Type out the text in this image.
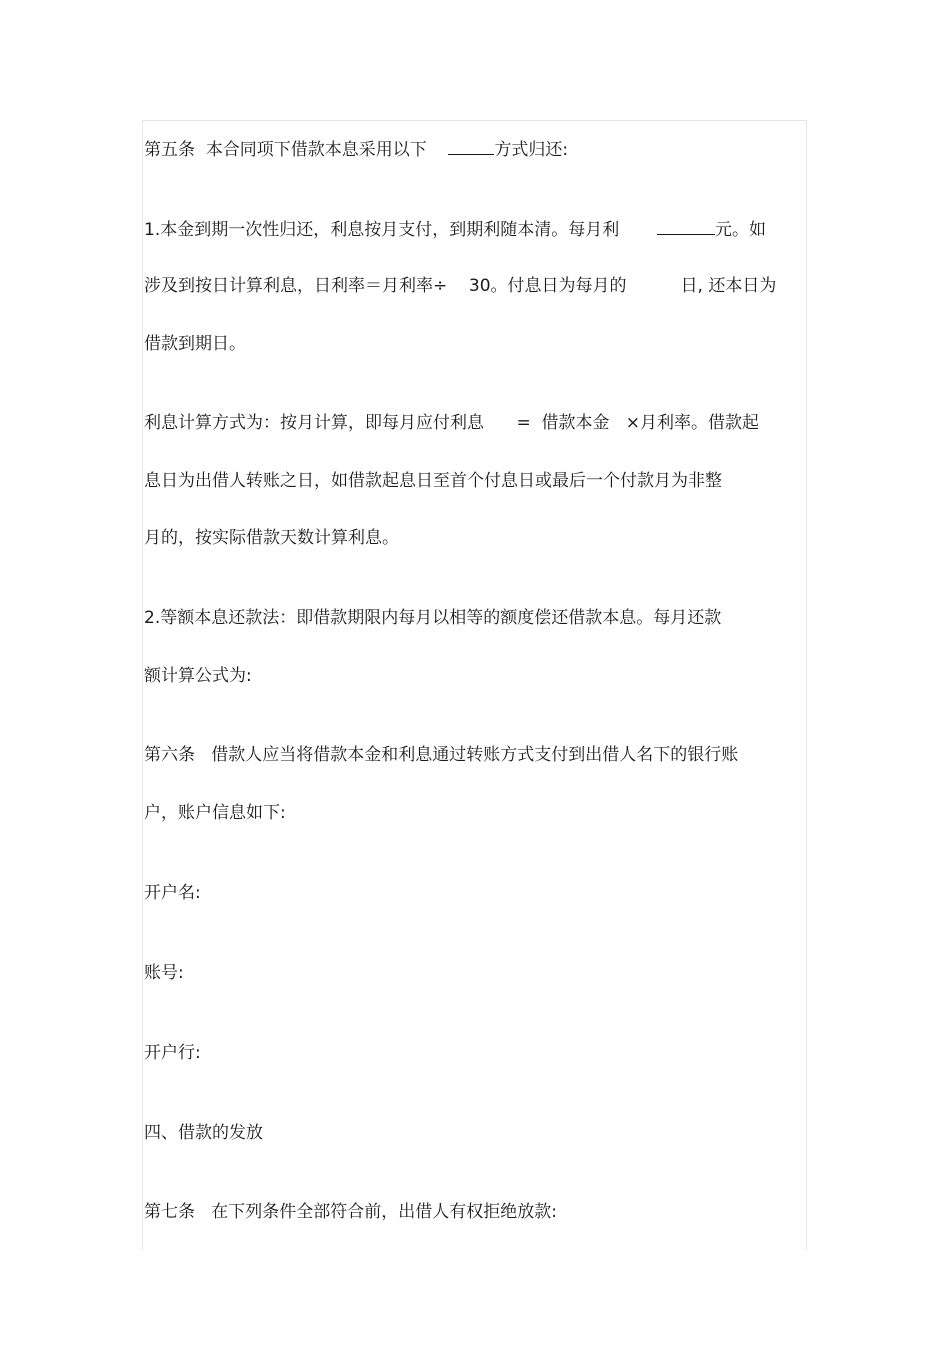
第五条 本合同项下借款本息采用以下	方式归还:
1.本金到期一次性归还，利息按月支付，到期利随本清。每月利	元。如
涉及到按日计算利息，日利率＝月利率÷ 30。付息日为每月的	日, 还本日为
借款到期日。
利息计算方式为：按月计算，即每月应付利息 = 借款本金 ×月利率。借款起
息日为出借人转账之日，如借款起息日至首个付息日或最后一个付款月为非整
月的，按实际借款天数计算利息。
2.等额本息还款法：即借款期限内每月以相等的额度偿还借款本息。每月还款
额计算公式为:
第六条 借款人应当将借款本金和利息通过转账方式支付到出借人名下的银行账
户，账户信息如下:
开户名:
账号:
开户行:
四、借款的发放
第七条 在下列条件全部符合前，出借人有权拒绝放款:
